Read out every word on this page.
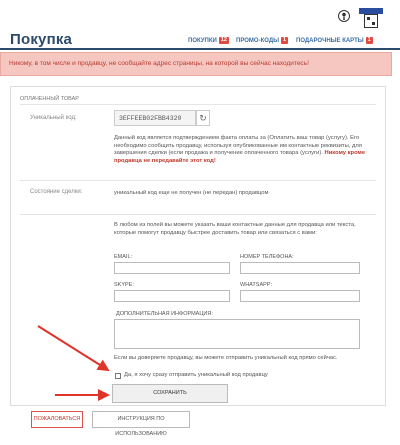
Покупка	ПОКУПКИ 12	ПРОМО-КОДЫ 1	ПОДАРОЧНЫЕ КАРТЫ 1
Никому, в том числе и продавцу, не сообщайте адрес страницы, на которой вы сейчас находитесь!
ОПЛАЧЕННЫЙ ТОВАР
Уникальный код:	3EFFEEB02FBB4320	↻
Данный код является подтверждением факта оплаты за (Оплатить ваш товар (услугу). Его необходимо сообщить продавцу, используя опубликованные им контактные реквизиты, для завершения сделки (если продажа и получение оплаченного товара (услуги). Никому кроме продавца не передавайте этот код!
Состояние сделки:	уникальный код еще не получен (не передан) продавцом
В любом из полей вы можете указать ваши контактные данные для продавца или текста, которые помогут продавцу быстрее доставить товар или связаться с вами:
EMAIL:	НОМЕР ТЕЛЕФОНА:
SKYPE:	WHATSAPP:
ДОПОЛНИТЕЛЬНАЯ ИНФОРМАЦИЯ:
Если вы доверяете продавцу, вы можете отправить уникальный код прямо сейчас.
Да, я хочу сразу отправить уникальный код продавцу
СОХРАНИТЬ
ПОЖАЛОВАТЬСЯ	ИНСТРУКЦИЯ ПО ИСПОЛЬЗОВАНИЮ
